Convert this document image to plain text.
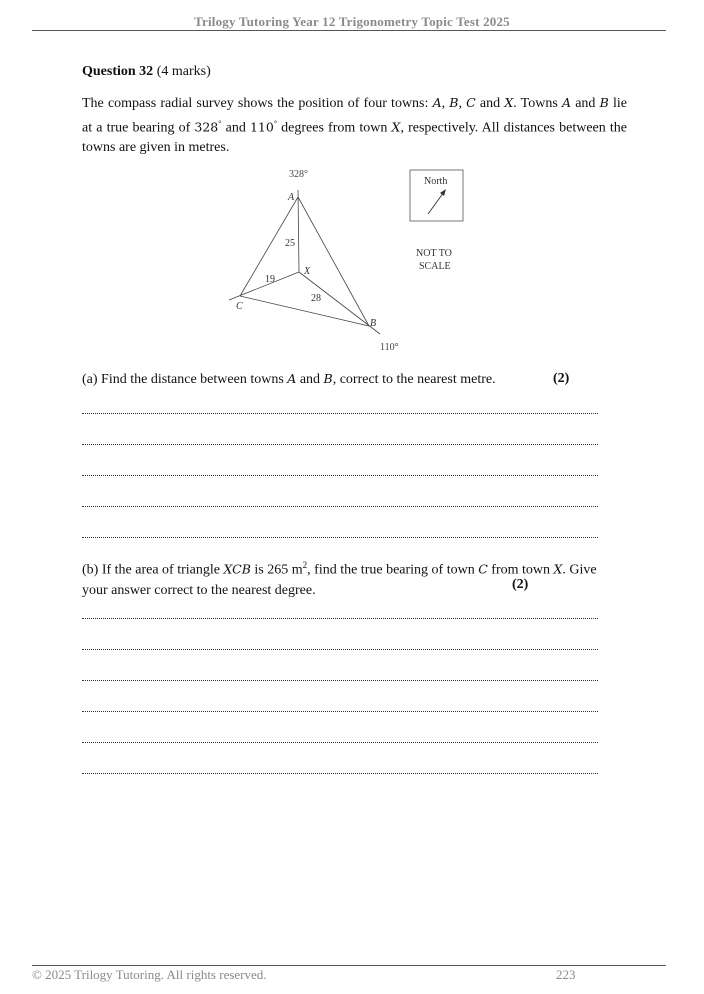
Trilogy Tutoring Year 12 Trigonometry Topic Test 2025
Question 32 (4 marks)
The compass radial survey shows the position of four towns: A, B, C and X. Towns A and B lie at a true bearing of 328° and 110° degrees from town X, respectively. All distances between the towns are given in metres.
328°
110°
A
B
C
X
25
19
28
North
NOT TO
SCALE
(a) Find the distance between towns A and B, correct to the nearest metre.	(2)
(b) If the area of triangle XCB is 265 $m^2$, find the true bearing of town C from town X. Give
your answer correct to the nearest degree.	(2)
© 2025 Trilogy Tutoring. All rights reserved.	223
